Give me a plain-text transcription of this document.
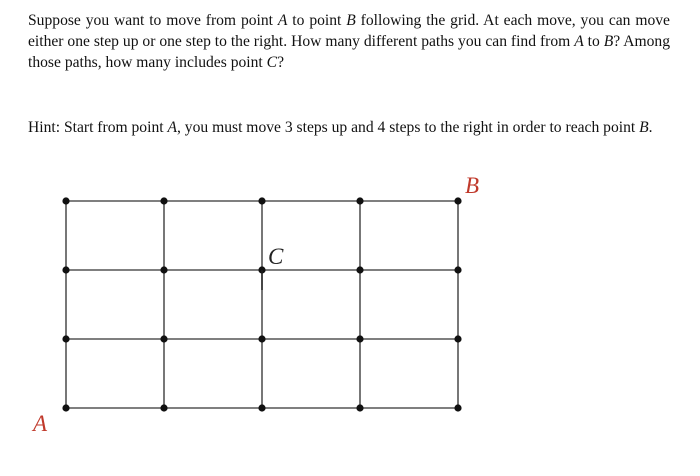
Suppose you want to move from point A to point B following the grid. At each move, you can move either one step up or one step to the right. How many different paths you can find from A to B? Among those paths, how many includes point C?

Hint: Start from point A, you must move 3 steps up and 4 steps to the right in order to reach point B.

A
B
C
